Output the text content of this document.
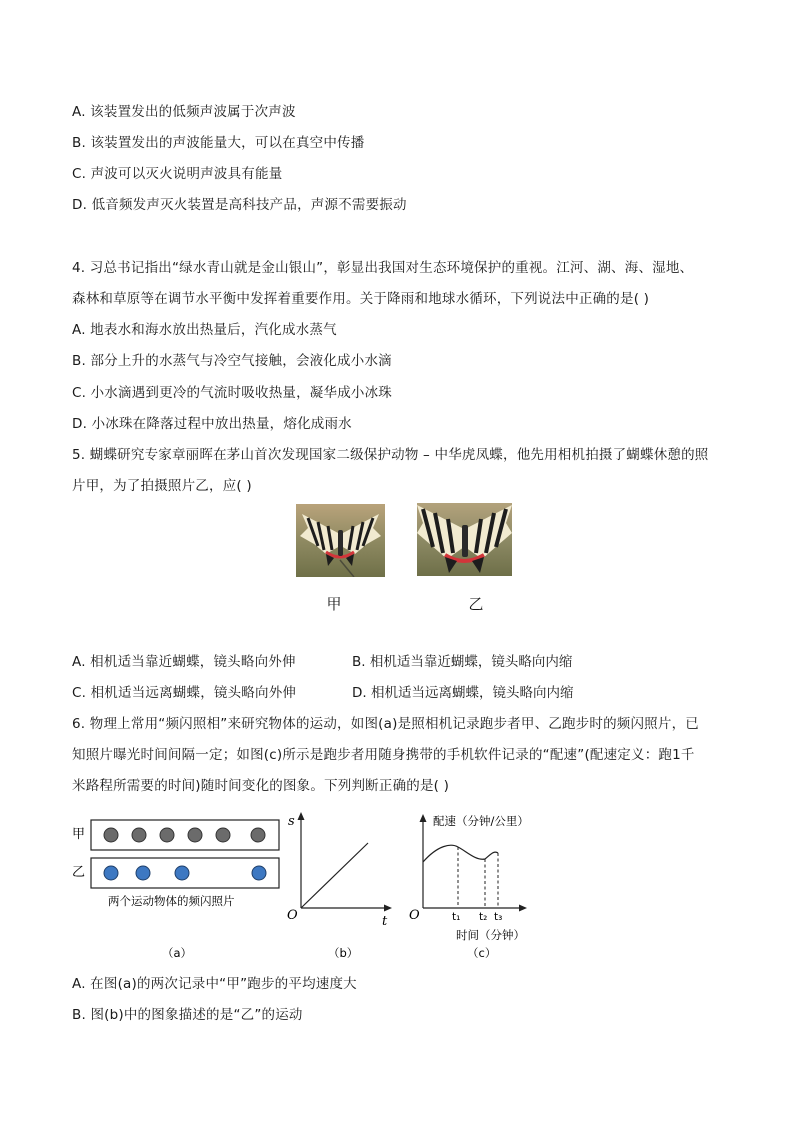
A. 该装置发出的低频声波属于次声波
B. 该装置发出的声波能量大，可以在真空中传播
C. 声波可以灭火说明声波具有能量
D. 低音频发声灭火装置是高科技产品，声源不需要振动
4. 习总书记指出“绿水青山就是金山银山”，彰显出我国对生态环境保护的重视。江河、湖、海、湿地、
森林和草原等在调节水平衡中发挥着重要作用。关于降雨和地球水循环，下列说法中正确的是( )
A. 地表水和海水放出热量后，汽化成水蒸气
B. 部分上升的水蒸气与冷空气接触，会液化成小水滴
C. 小水滴遇到更冷的气流时吸收热量，凝华成小冰珠
D. 小冰珠在降落过程中放出热量，熔化成雨水
5. 蝴蝶研究专家章丽晖在茅山首次发现国家二级保护动物 – 中华虎凤蝶，他先用相机拍摄了蝴蝶休憩的照
片甲，为了拍摄照片乙，应( )
甲	乙
A. 相机适当靠近蝴蝶，镜头略向外伸	B. 相机适当靠近蝴蝶，镜头略向内缩
C. 相机适当远离蝴蝶，镜头略向外伸	D. 相机适当远离蝴蝶，镜头略向内缩
6. 物理上常用“频闪照相”来研究物体的运动，如图(a)是照相机记录跑步者甲、乙跑步时的频闪照片，已
知照片曝光时间间隔一定；如图(c)所示是跑步者用随身携带的手机软件记录的“配速”(配速定义：跑1千
米路程所需要的时间)随时间变化的图象。下列判断正确的是( )
甲
乙
两个运动物体的频闪照片
（a）
s
t
O
（b）
配速（分钟/公里）
O	t₁ t₂ t₃
时间（分钟）
（c）
A. 在图(a)的两次记录中“甲”跑步的平均速度大
B. 图(b)中的图象描述的是“乙”的运动
